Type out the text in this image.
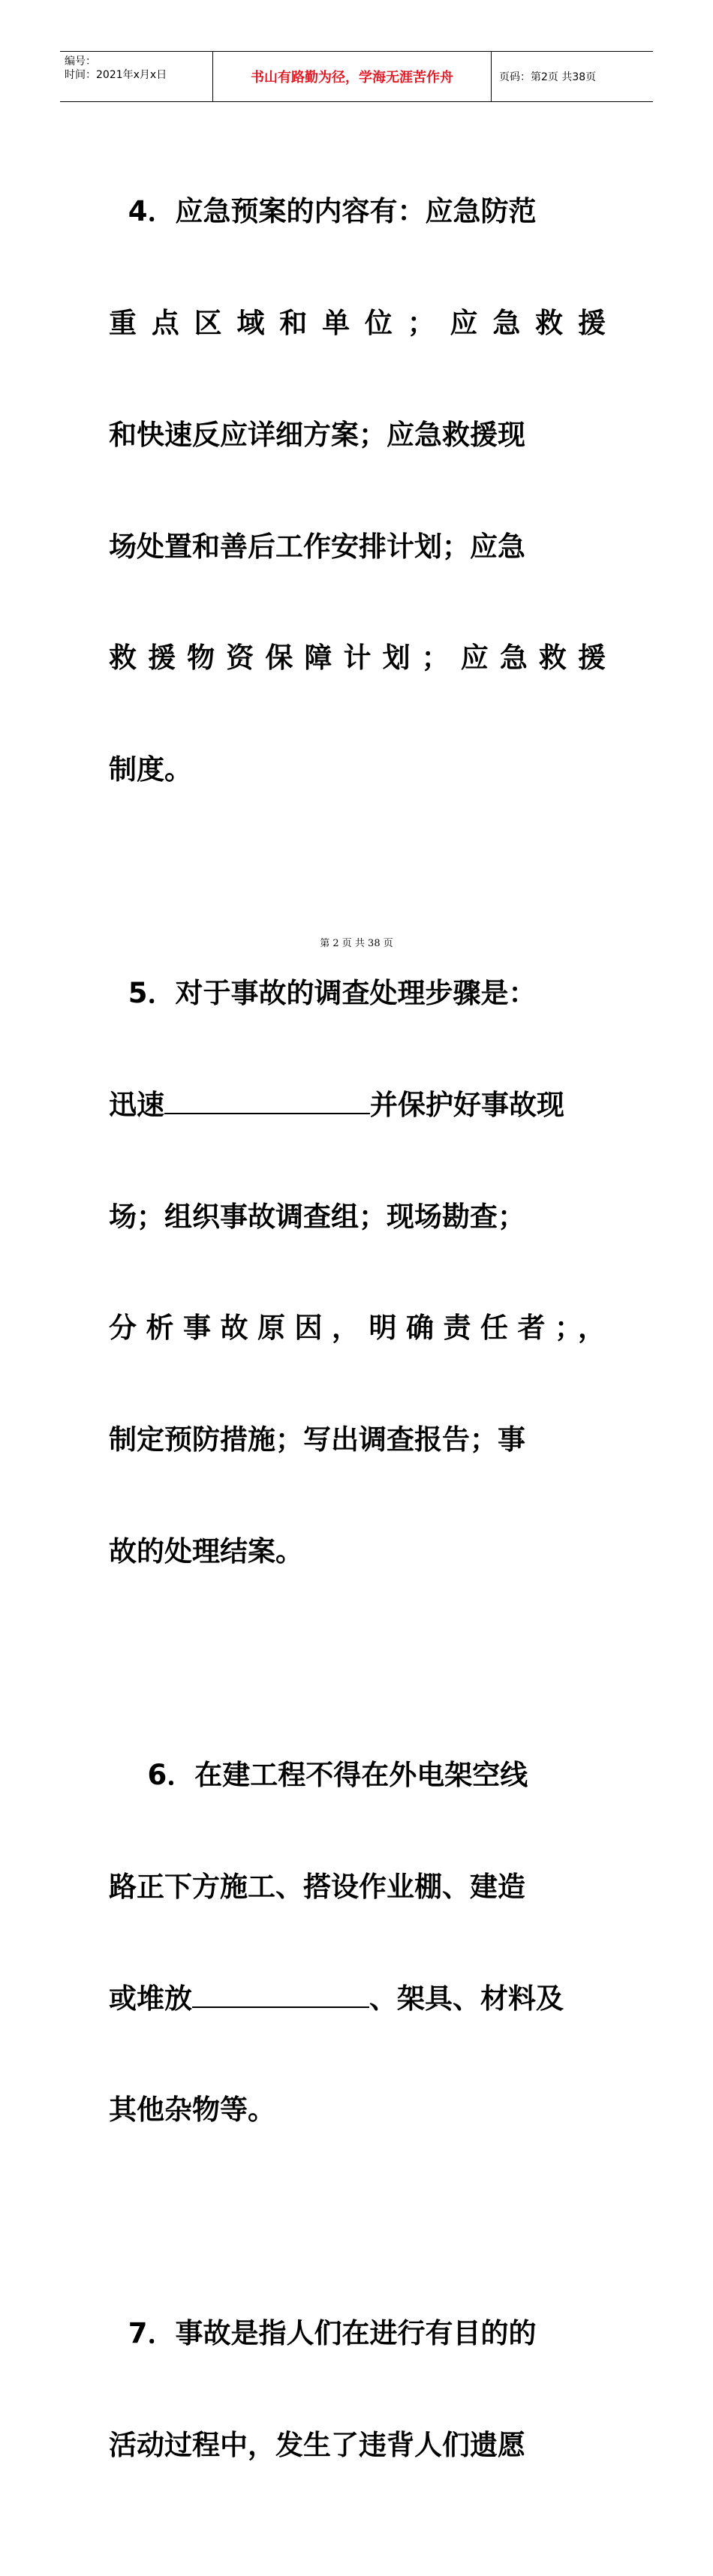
编号：
时间：2021年x月x日	书山有路勤为径，学海无涯苦作舟	页码：第2页 共38页

4．应急预案的内容有：应急防范

重点区域和单位；应急救援

和快速反应详细方案；应急救援现

场处置和善后工作安排计划；应急

救援物资保障计划；应急救援

制度。

5．对于事故的调查处理步骤是：

迅速	并保护好事故现

场；组织事故调查组；现场勘查；

分析事故原因，明确责任者；，

制定预防措施；写出调查报告；事

故的处理结案。

6．在建工程不得在外电架空线

路正下方施工、搭设作业棚、建造

或堆放	、架具、材料及

其他杂物等。

7．事故是指人们在进行有目的的

活动过程中，发生了违背人们遗愿

第 2 页 共 38 页
